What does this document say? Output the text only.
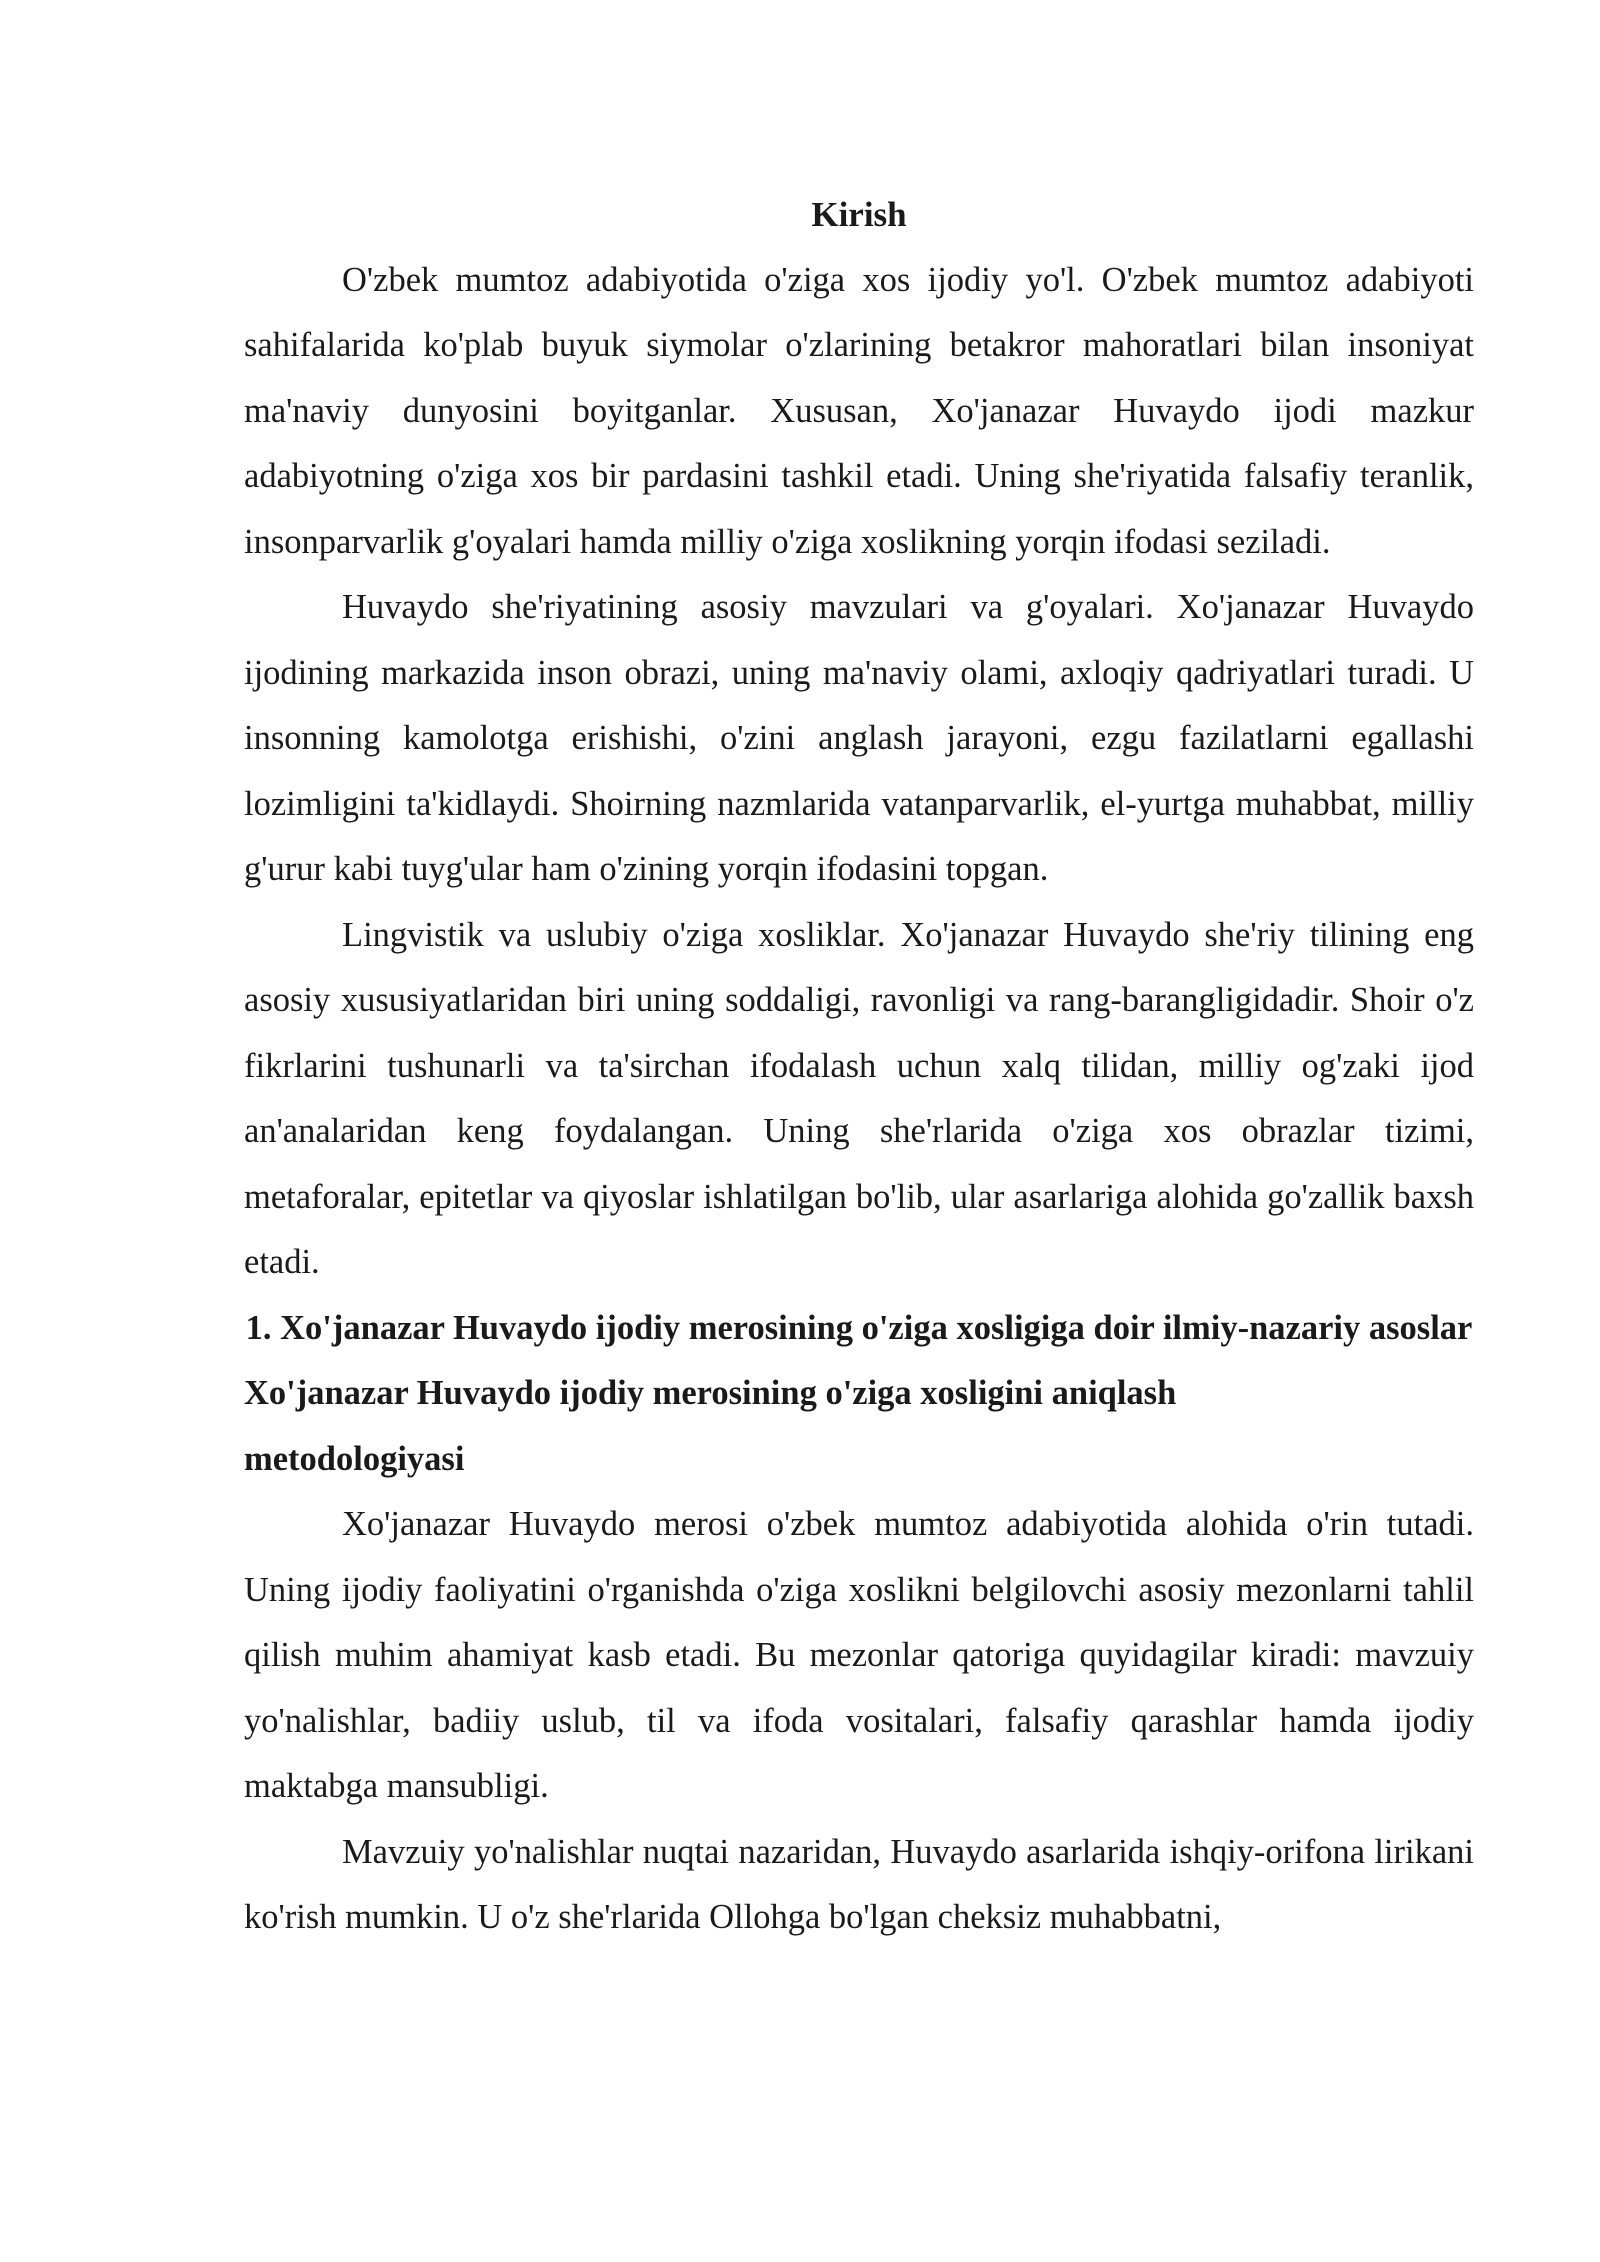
Kirish

O'zbek mumtoz adabiyotida o'ziga xos ijodiy yo'l. O'zbek mumtoz adabiyoti sahifalarida ko'plab buyuk siymolar o'zlarining betakror mahoratlari bilan insoniyat ma'naviy dunyosini boyitganlar. Xususan, Xo'janazar Huvaydo ijodi mazkur adabiyotning o'ziga xos bir pardasini tashkil etadi. Uning she'riyatida falsafiy teranlik, insonparvarlik g'oyalari hamda milliy o'ziga xoslikning yorqin ifodasi seziladi.

Huvaydo she'riyatining asosiy mavzulari va g'oyalari. Xo'janazar Huvaydo ijodining markazida inson obrazi, uning ma'naviy olami, axloqiy qadriyatlari turadi. U insonning kamolotga erishishi, o'zini anglash jarayoni, ezgu fazilatlarni egallashi lozimligini ta'kidlaydi. Shoirning nazmlarida vatanparvarlik, el-yurtga muhabbat, milliy g'urur kabi tuyg'ular ham o'zining yorqin ifodasini topgan.

Lingvistik va uslubiy o'ziga xosliklar. Xo'janazar Huvaydo she'riy tilining eng asosiy xususiyatlaridan biri uning soddaligi, ravonligi va rang-barangligidadir. Shoir o'z fikrlarini tushunarli va ta'sirchan ifodalash uchun xalq tilidan, milliy og'zaki ijod an'analaridan keng foydalangan. Uning she'rlarida o'ziga xos obrazlar tizimi, metaforalar, epitetlar va qiyoslar ishlatilgan bo'lib, ular asarlariga alohida go'zallik baxsh etadi.

1. Xo'janazar Huvaydo ijodiy merosining o'ziga xosligiga doir ilmiy-nazariy asoslar

Xo'janazar Huvaydo ijodiy merosining o'ziga xosligini aniqlash metodologiyasi

Xo'janazar Huvaydo merosi o'zbek mumtoz adabiyotida alohida o'rin tutadi. Uning ijodiy faoliyatini o'rganishda o'ziga xoslikni belgilovchi asosiy mezonlarni tahlil qilish muhim ahamiyat kasb etadi. Bu mezonlar qatoriga quyidagilar kiradi: mavzuiy yo'nalishlar, badiiy uslub, til va ifoda vositalari, falsafiy qarashlar hamda ijodiy maktabga mansubligi.

Mavzuiy yo'nalishlar nuqtai nazaridan, Huvaydo asarlarida ishqiy-orifona lirikani ko'rish mumkin. U o'z she'rlarida Ollohga bo'lgan cheksiz muhabbatni,
